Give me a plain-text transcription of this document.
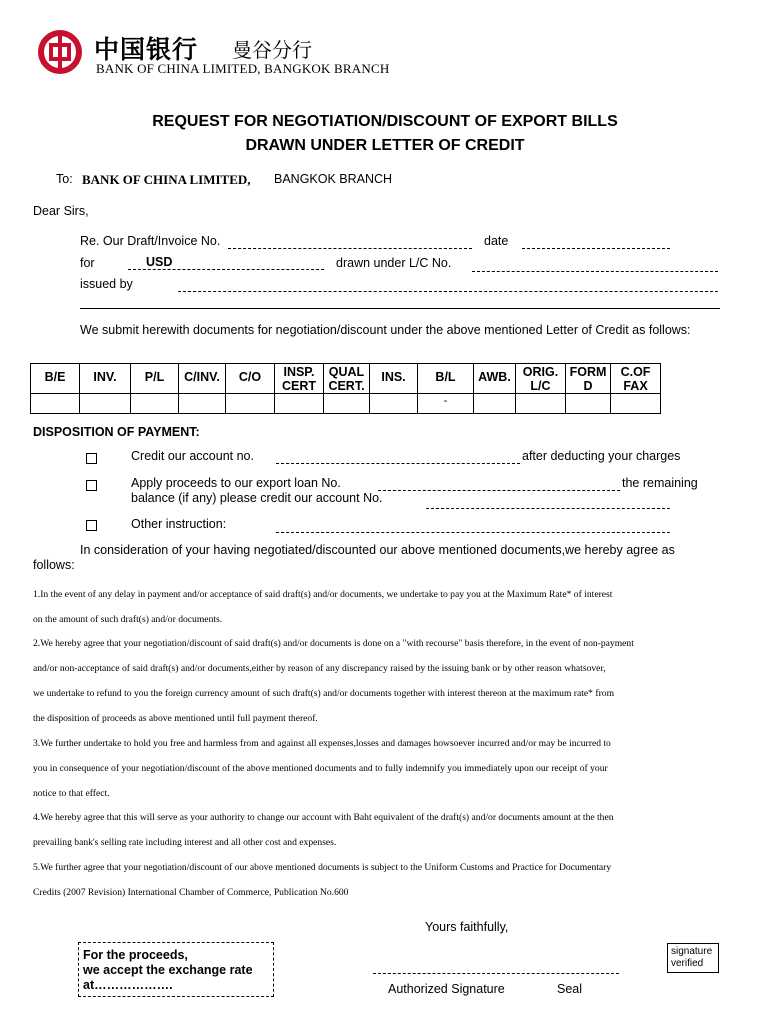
中国银行 曼谷分行
BANK OF CHINA LIMITED, BANGKOK BRANCH
REQUEST FOR NEGOTIATION/DISCOUNT OF EXPORT BILLS
DRAWN UNDER LETTER OF CREDIT
To: BANK OF CHINA LIMITED, BANGKOK BRANCH
Dear Sirs,
Re. Our Draft/Invoice No.	date
for	USD	drawn under L/C No.
issued by
We submit herewith documents for negotiation/discount under the above mentioned Letter of Credit as follows:
B/E	INV.	P/L	C/INV.	C/O	INSP. CERT	QUAL CERT.	INS.	B/L	AWB.	ORIG. L/C	FORM D	C.OF FAX

								-				
DISPOSITION OF PAYMENT:
Credit our account no.	after deducting your charges
Apply proceeds to our export loan No.	the remaining
balance (if any) please credit our account No.
Other instruction:
In consideration of your having negotiated/discounted our above mentioned documents,we hereby agree as
follows:
1.In the event of any delay in payment and/or acceptance of said draft(s) and/or documents, we undertake to pay you at the Maximum Rate* of interest
on the amount of such draft(s) and/or documents.
2.We hereby agree that your negotiation/discount of said draft(s) and/or documents is done on a "with recourse" basis therefore, in the event of non-payment
and/or non-acceptance of said draft(s) and/or documents,either by reason of any discrepancy raised by the issuing bank or by other reason whatsover,
we undertake to refund to you the foreign currency amount of such draft(s) and/or documents together with interest thereon at the maximum rate* from
the disposition of proceeds as above mentioned until full payment thereof.
3.We further undertake to hold you free and harmless from and against all expenses,losses and damages howsoever incurred and/or may be incurred to
you in consequence of your negotiation/discount of the above mentioned documents and to fully indemnify you immediately upon our receipt of your
notice to that effect.
4.We hereby agree that this will serve as your authority to change our account with Baht equivalent of the draft(s) and/or documents amount at the then
prevailing bank's selling rate including interest and all other cost and expenses.
5.We further agree that your negotiation/discount of our above mentioned documents is subject to the Uniform Customs and Practice for Documentary
Credits (2007 Revision) International Chamber of Commerce, Publication No.600
Yours faithfully,
For the proceeds,
we accept the exchange rate
at……………….	Authorized Signature	Seal
signature
verified
